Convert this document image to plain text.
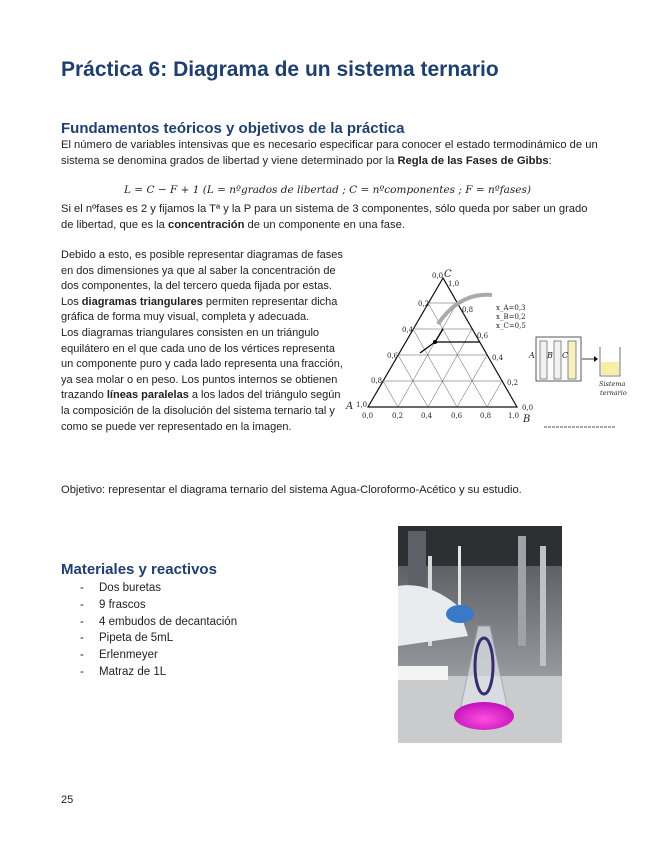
Práctica 6: Diagrama de un sistema ternario
Fundamentos teóricos y objetivos de la práctica

El número de variables intensivas que es necesario especificar para conocer el estado termodinámico de un sistema se denomina grados de libertad y viene determinado por la Regla de las Fases de Gibbs:

L = C − F + 1 (L = nºgrados de libertad ; C = nºcomponentes ; F = nºfases)

Si el nºfases es 2 y fijamos la Tª y la P para un sistema de 3 componentes, sólo queda por saber un grado de libertad, que es la concentración de un componente en una fase.

Debido a esto, es posible representar diagramas de fases en dos dimensiones ya que al saber la concentración de dos componentes, la del tercero queda fijada por estas. Los diagramas triangulares permiten representar dicha gráfica de forma muy visual, completa y adecuada.
Los diagramas triangulares consisten en un triángulo equilátero en el que cada uno de los vértices representa un componente puro y cada lado representa una fracción, ya sea molar o en peso. Los puntos internos se obtienen trazando líneas paralelas a los lados del triángulo según la composición de la disolución del sistema ternario tal y como se puede ver representado en la imagen.

A
B
C
0,0
0,2
0,4
0,6
0,8
1,0
1,0
0,8
0,6
0,4
0,2
0,0
0,0	0,2	0,4	0,6	0,8 1,0
x_A=0,3
x_B=0,2
x_C=0,5
A B C
Sistema
ternario

Objetivo: representar el diagrama ternario del sistema Agua-Cloroformo-Acético y su estudio.

Materiales y reactivos
-	Dos buretas
-	9 frascos
-	4 embudos de decantación
-	Pipeta de 5mL
-	Erlenmeyer
-	Matraz de 1L
25
